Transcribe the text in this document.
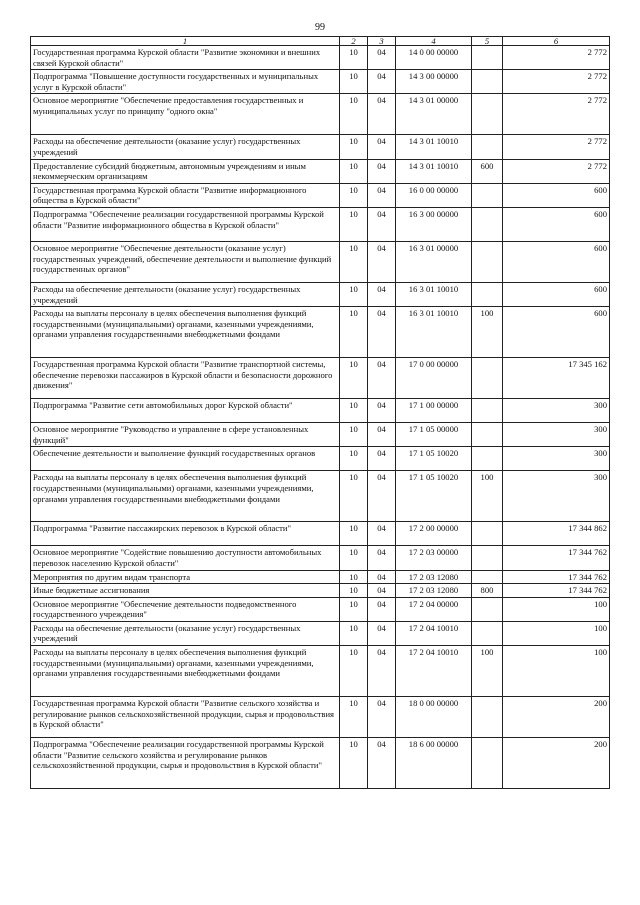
99
1	2	3	4	5	6
Государственная программа Курской области "Развитие экономики и внешних связей Курской области"	10	04	14 0 00 00000		2 772
Подпрограмма "Повышение доступности государственных и муниципальных услуг в Курской области"	10	04	14 3 00 00000		2 772
Основное мероприятие "Обеспечение предоставления государственных и муниципальных услуг по принципу "одного окна"	10	04	14 3 01 00000		2 772
Расходы на обеспечение деятельности (оказание услуг) государственных учреждений	10	04	14 3 01 10010		2 772
Предоставление субсидий бюджетным, автономным учреждениям и иным некоммерческим организациям	10	04	14 3 01 10010	600	2 772
Государственная программа Курской области "Развитие информационного общества в Курской области"	10	04	16 0 00 00000		600
Подпрограмма "Обеспечение реализации государственной программы Курской области "Развитие информационного общества в Курской области"	10	04	16 3 00 00000		600
Основное мероприятие "Обеспечение деятельности (оказание услуг) государственных учреждений, обеспечение деятельности и выполнение функций государственных органов"	10	04	16 3 01 00000		600
Расходы на обеспечение деятельности (оказание услуг) государственных учреждений	10	04	16 3 01 10010		600
Расходы на выплаты персоналу в целях обеспечения выполнения функций государственными (муниципальными) органами, казенными учреждениями, органами управления государственными внебюджетными фондами	10	04	16 3 01 10010	100	600
Государственная программа Курской области "Развитие транспортной системы, обеспечение перевозки пассажиров в Курской области и безопасности дорожного движения"	10	04	17 0 00 00000		17 345 162
Подпрограмма "Развитие сети автомобильных дорог Курской области"	10	04	17 1 00 00000		300
Основное мероприятие "Руководство и управление в сфере установленных функций"	10	04	17 1 05 00000		300
Обеспечение деятельности и выполнение функций государственных органов	10	04	17 1 05 10020		300
Расходы на выплаты персоналу в целях обеспечения выполнения функций государственными (муниципальными) органами, казенными учреждениями, органами управления государственными внебюджетными фондами	10	04	17 1 05 10020	100	300
Подпрограмма "Развитие пассажирских перевозок в Курской области"	10	04	17 2 00 00000		17 344 862
Основное мероприятие "Содействие повышению доступности автомобильных перевозок населению Курской области"	10	04	17 2 03 00000		17 344 762
Мероприятия по другим видам транспорта	10	04	17 2 03 12080		17 344 762
Иные бюджетные ассигнования	10	04	17 2 03 12080	800	17 344 762
Основное мероприятие "Обеспечение деятельности подведомственного государственного учреждения"	10	04	17 2 04 00000		100
Расходы на обеспечение деятельности (оказание услуг) государственных учреждений	10	04	17 2 04 10010		100
Расходы на выплаты персоналу в целях обеспечения выполнения функций государственными (муниципальными) органами, казенными учреждениями, органами управления государственными внебюджетными фондами	10	04	17 2 04 10010	100	100
Государственная программа Курской области "Развитие сельского хозяйства и регулирование рынков сельскохозяйственной продукции, сырья и продовольствия в Курской области"	10	04	18 0 00 00000		200
Подпрограмма "Обеспечение реализации государственной программы Курской области "Развитие сельского хозяйства и регулирование рынков сельскохозяйственной продукции, сырья и продовольствия в Курской области"	10	04	18 6 00 00000		200
